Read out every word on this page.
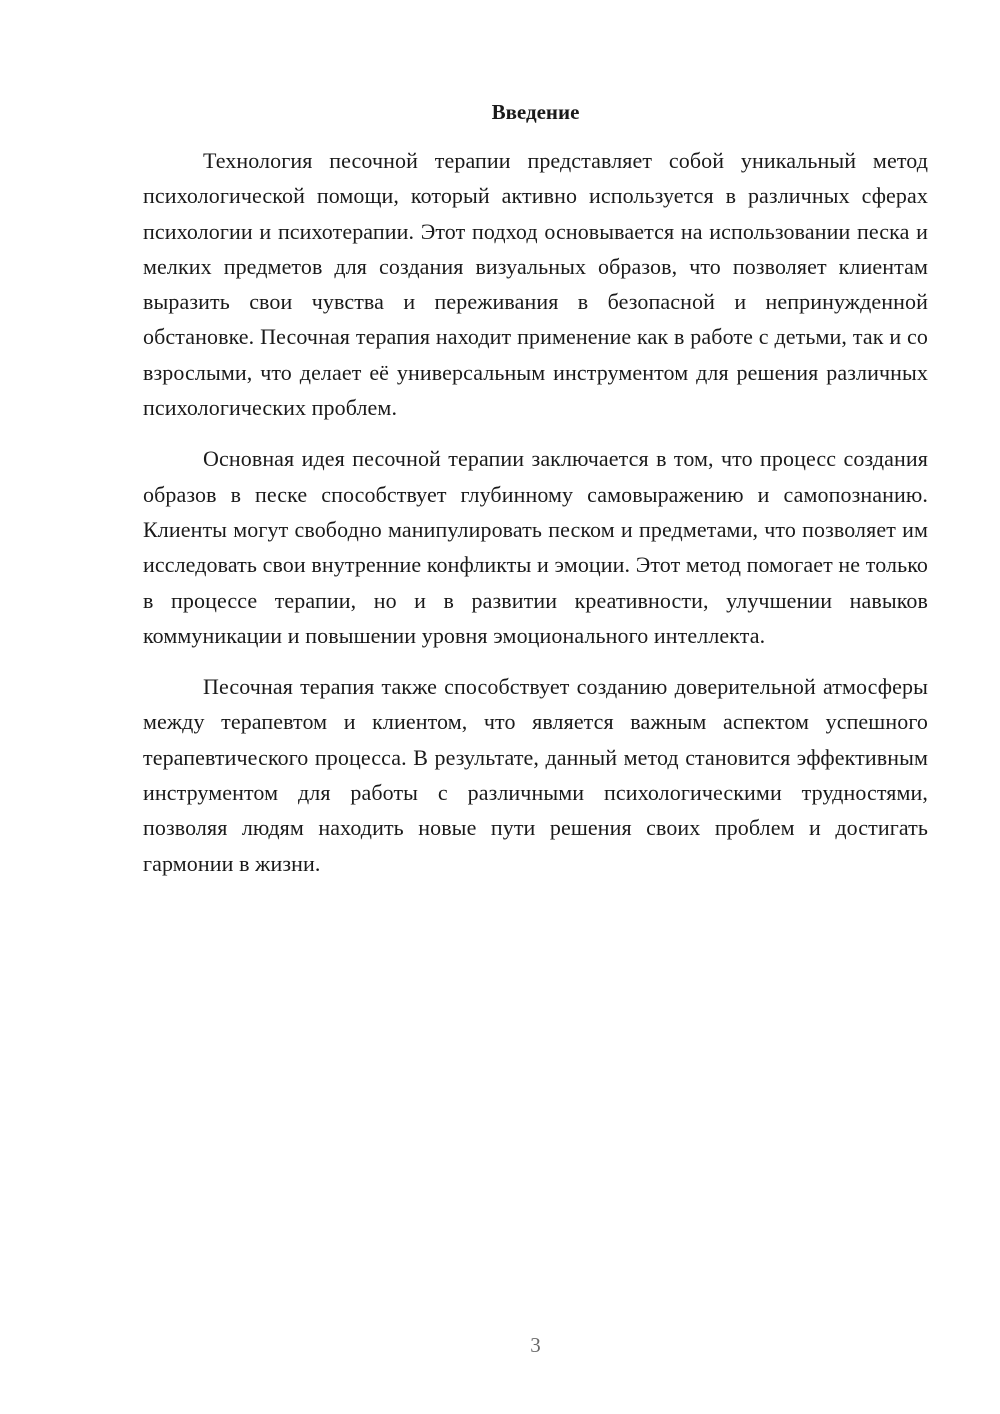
Введение

Технология песочной терапии представляет собой уникальный метод психологической помощи, который активно используется в различных сферах психологии и психотерапии. Этот подход основывается на использовании песка и мелких предметов для создания визуальных образов, что позволяет клиентам выразить свои чувства и переживания в безопасной и непринужденной обстановке. Песочная терапия находит применение как в работе с детьми, так и со взрослыми, что делает её универсальным инструментом для решения различных психологических проблем.

Основная идея песочной терапии заключается в том, что процесс создания образов в песке способствует глубинному самовыражению и самопознанию. Клиенты могут свободно манипулировать песком и предметами, что позволяет им исследовать свои внутренние конфликты и эмоции. Этот метод помогает не только в процессе терапии, но и в развитии креативности, улучшении навыков коммуникации и повышении уровня эмоционального интеллекта.

Песочная терапия также способствует созданию доверительной атмосферы между терапевтом и клиентом, что является важным аспектом успешного терапевтического процесса. В результате, данный метод становится эффективным инструментом для работы с различными психологическими трудностями, позволяя людям находить новые пути решения своих проблем и достигать гармонии в жизни.

3
